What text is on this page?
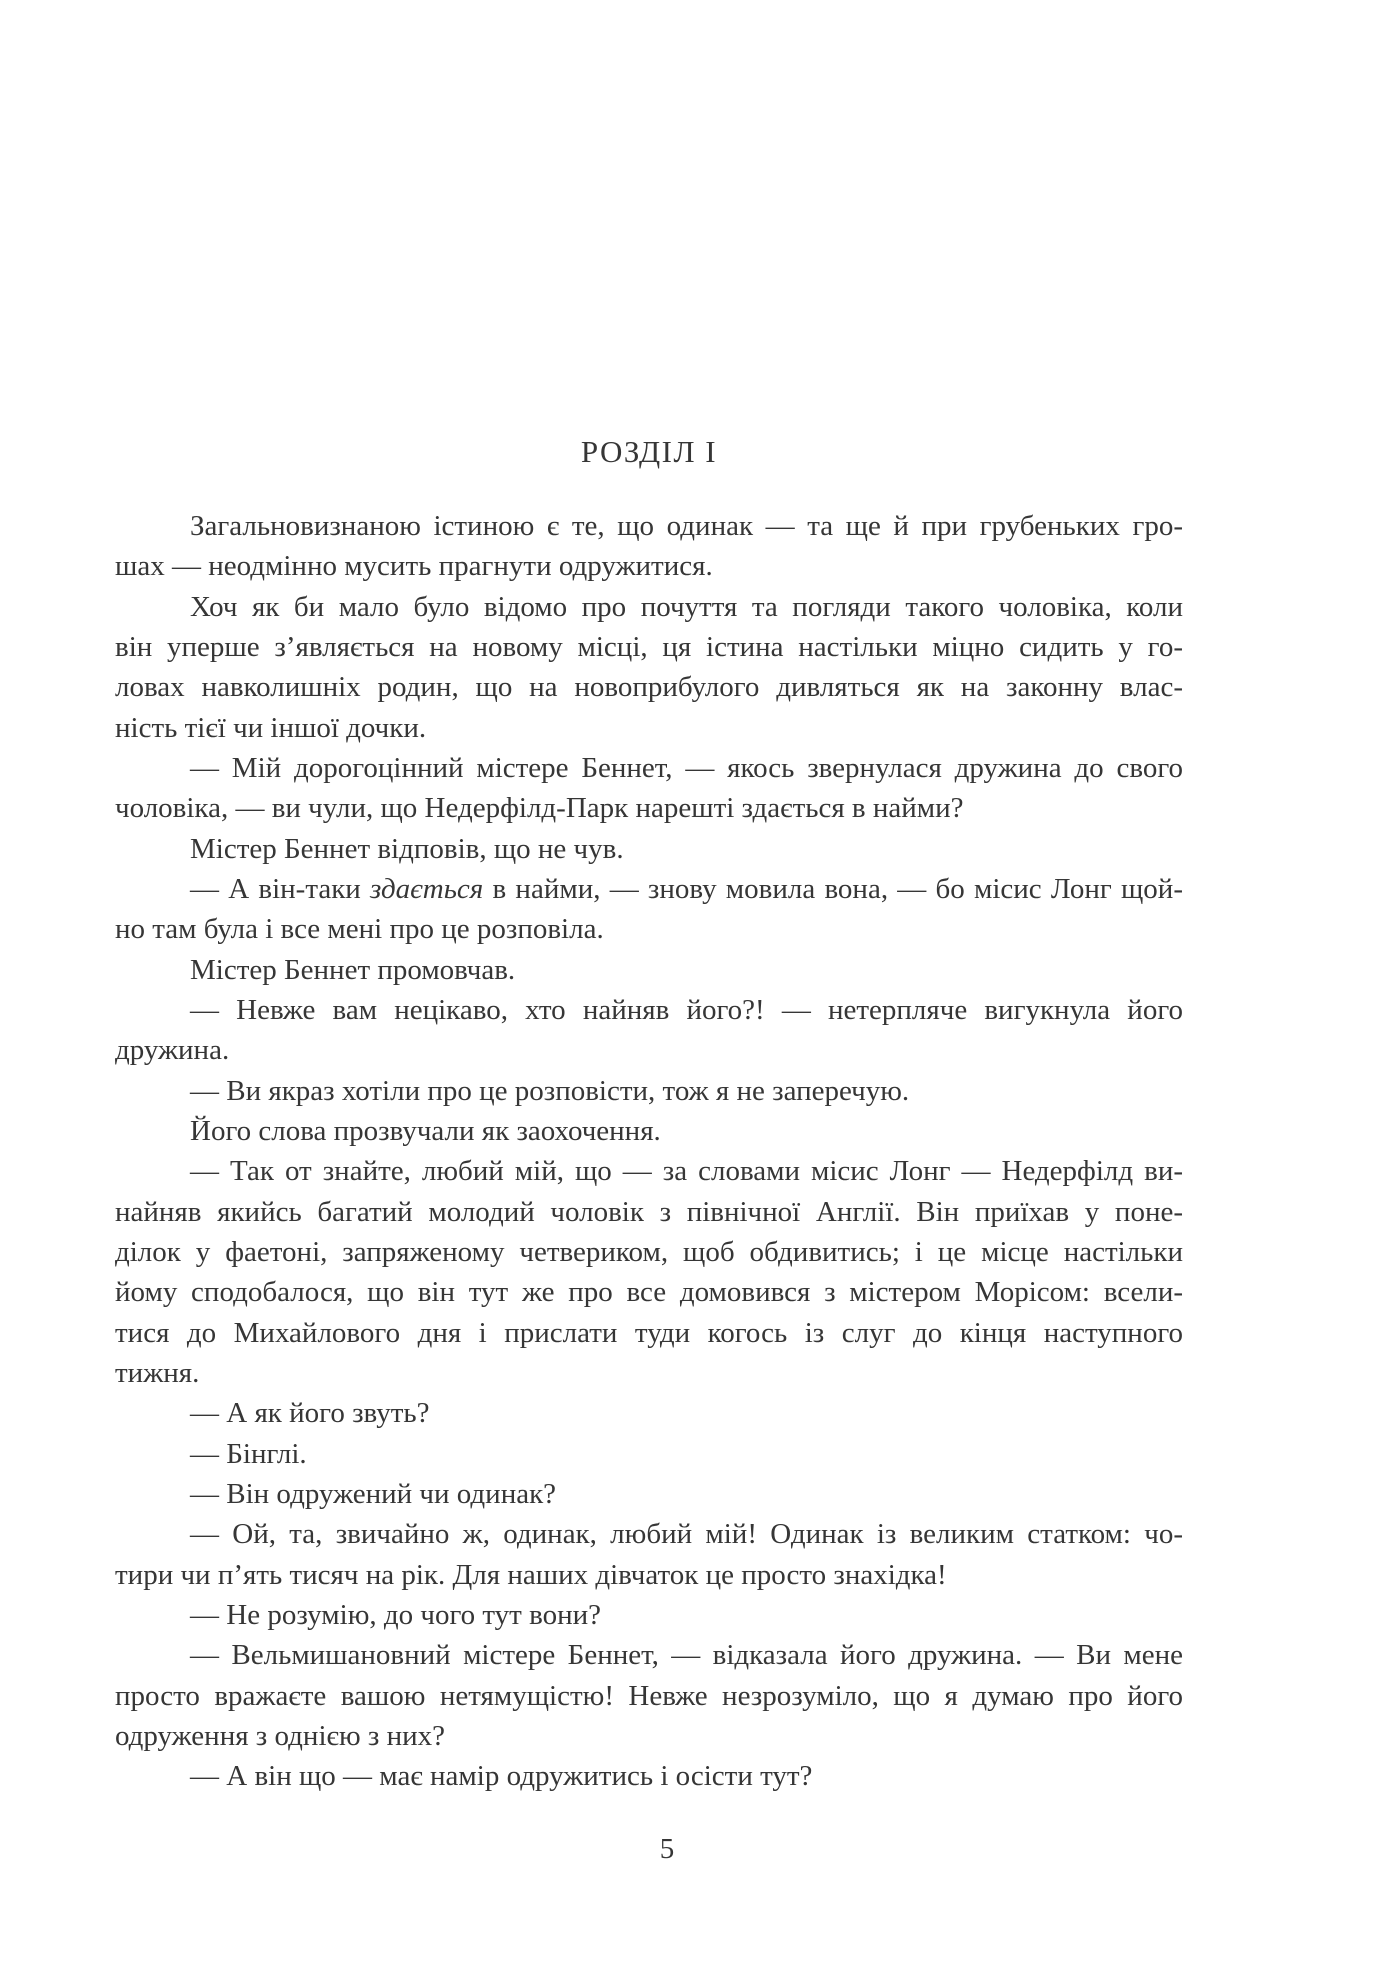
РОЗДІЛ І
Загальновизнаною істиною є те, що одинак — та ще й при грубеньких гро-
шах — неодмінно мусить прагнути одружитися.
Хоч як би мало було відомо про почуття та погляди такого чоловіка, коли
він уперше з’являється на новому місці, ця істина настільки міцно сидить у го-
ловах навколишніх родин, що на новоприбулого дивляться як на законну влас-
ність тієї чи іншої дочки.
— Мій дорогоцінний містере Беннет, — якось звернулася дружина до свого
чоловіка, — ви чули, що Недерфілд-Парк нарешті здається в найми?
Містер Беннет відповів, що не чув.
— А він-таки здається в найми, — знову мовила вона, — бо місис Лонг щой-
но там була і все мені про це розповіла.
Містер Беннет промовчав.
— Невже вам нецікаво, хто найняв його?! — нетерпляче вигукнула його
дружина.
— Ви якраз хотіли про це розповісти, тож я не заперечую.
Його слова прозвучали як заохочення.
— Так от знайте, любий мій, що — за словами місис Лонг — Недерфілд ви-
найняв якийсь багатий молодий чоловік з північної Англії. Він приїхав у поне-
ділок у фаетоні, запряженому четвериком, щоб обдивитись; і це місце настільки
йому сподобалося, що він тут же про все домовився з містером Морісом: всели-
тися до Михайлового дня і прислати туди когось із слуг до кінця наступного
тижня.
— А як його звуть?
— Бінглі.
— Він одружений чи одинак?
— Ой, та, звичайно ж, одинак, любий мій! Одинак із великим статком: чо-
тири чи п’ять тисяч на рік. Для наших дівчаток це просто знахідка!
— Не розумію, до чого тут вони?
— Вельмишановний містере Беннет, — відказала його дружина. — Ви мене
просто вражаєте вашою нетямущістю! Невже незрозуміло, що я думаю про його
одруження з однією з них?
— А він що — має намір одружитись і осісти тут?
5
